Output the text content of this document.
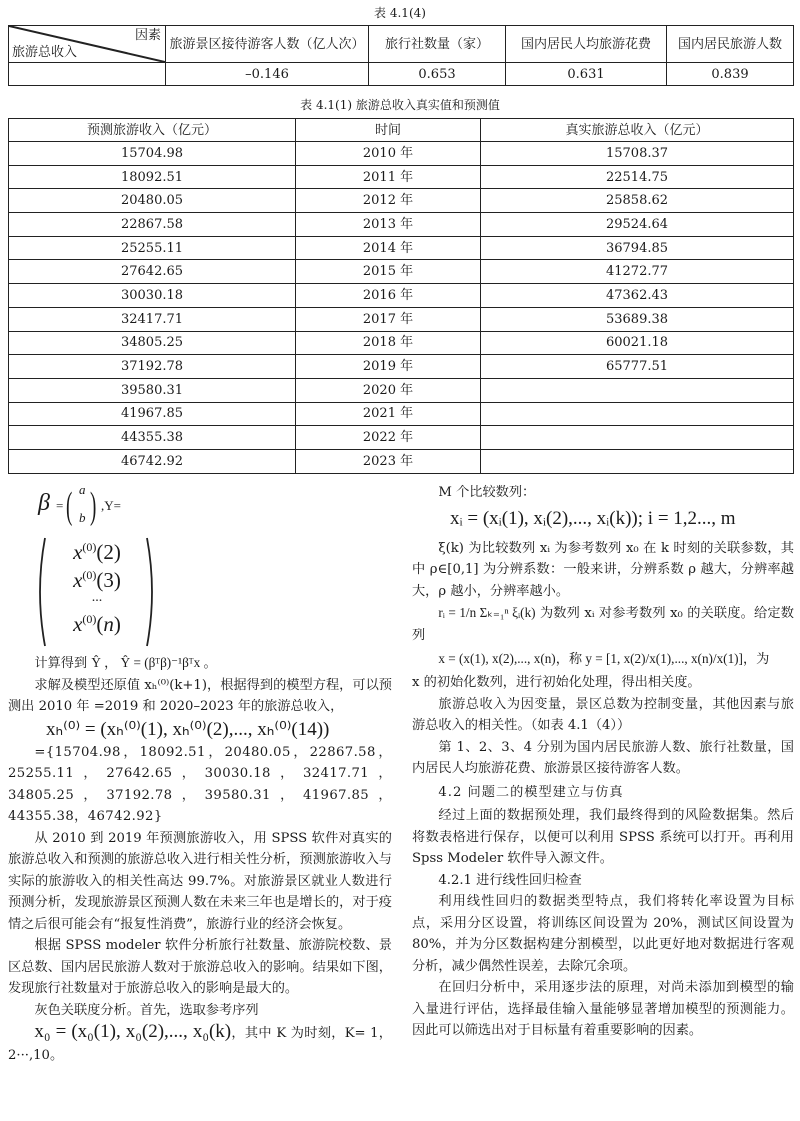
表 4.1(4)
因素
旅游总收入	旅游景区接待游客人数（亿人次）	旅行社数量（家）	国内居民人均旅游花费	国内居民旅游人数
	–0.146	0.653	0.631	0.839
表 4.1(1) 旅游总收入真实值和预测值
预测旅游收入（亿元）	时间	真实旅游总收入（亿元）
15704.98	2010 年	15708.37
18092.51	2011 年	22514.75
20480.05	2012 年	25858.62
22867.58	2013 年	29524.64
25255.11	2014 年	36794.85
27642.65	2015 年	41272.77
30030.18	2016 年	47362.43
32417.71	2017 年	53689.38
34805.25	2018 年	60021.18
37192.78	2019 年	65777.51
39580.31	2020 年	
41967.85	2021 年	
44355.38	2022 年	
46742.92	2023 年	
β = ( a
b ) ,Y=
$x^{(0)}(2)$
$x^{(0)}(3)$
...
$x^{(0)}(n)$

计算得到 Ŷ ， Ŷ = (βᵀβ)⁻¹βᵀx 。

求解及模型还原值 xₕ⁽⁰⁾(k+1)，根据得到的模型方程，可以预测出 2010 年 =2019 和 2020–2023 年的旅游总收入，

xₕ⁽⁰⁾ = (xₕ⁽⁰⁾(1), xₕ⁽⁰⁾(2),..., xₕ⁽⁰⁾(14))

={15704.98，18092.51，20480.05，22867.58，25255.11，27642.65，30030.18，32417.71，34805.25，37192.78，39580.31，41967.85，44355.38，46742.92}

从 2010 到 2019 年预测旅游收入，用 SPSS 软件对真实的旅游总收入和预测的旅游总收入进行相关性分析，预测旅游收入与实际的旅游收入的相关性高达 99.7%。对旅游景区就业人数进行预测分析，发现旅游景区预测人数在未来三年也是增长的，对于疫情之后很可能会有“报复性消费”，旅游行业的经济会恢复。

根据 SPSS modeler 软件分析旅行社数量、旅游院校数、景区总数、国内居民旅游人数对于旅游总收入的影响。结果如下图，发现旅行社数量对于旅游总收入的影响是最大的。

灰色关联度分析。首先，选取参考序列

x₀ = (x₀(1), x₀(2),..., x₀(k)，其中 K 为时刻，K= 1，2···,10。

M 个比较数列：

xᵢ = (xᵢ(1), xᵢ(2),..., xᵢ(k)); i = 1,2..., m

ξ(k) 为比较数列 xᵢ 为参考数列 x₀ 在 k 时刻的关联参数，其中 ρ∈[0,1] 为分辨系数：一般来讲，分辨系数 ρ 越大，分辨率越大，ρ 越小，分辨率越小。

rᵢ = 1/n Σₖ₌₁ⁿ ξᵢ(k) 为数列 xᵢ 对参考数列 x₀ 的关联度。给定数列

x = (x(1), x(2),..., x(n)，称 y = [1, x(2)/x(1),..., x(n)/x(1)]，为

x 的初始化数列，进行初始化处理，得出相关度。

旅游总收入为因变量，景区总数为控制变量，其他因素与旅游总收入的相关性。（如表 4.1（4））

第 1、2、3、4 分别为国内居民旅游人数、旅行社数量，国内居民人均旅游花费、旅游景区接待游客人数。

4.2 问题二的模型建立与仿真

经过上面的数据预处理，我们最终得到的风险数据集。然后将数表格进行保存，以便可以利用 SPSS 系统可以打开。再利用 Spss Modeler 软件导入源文件。

4.2.1 进行线性回归检查

利用线性回归的数据类型特点，我们将转化率设置为目标点，采用分区设置，将训练区间设置为 20%，测试区间设置为 80%，并为分区数据构建分割模型，以此更好地对数据进行客观分析，减少偶然性误差，去除冗余项。

在回归分析中，采用逐步法的原理，对尚未添加到模型的输入量进行评估，选择最佳输入量能够显著增加模型的预测能力。因此可以筛选出对于目标量有着重要影响的因素。
